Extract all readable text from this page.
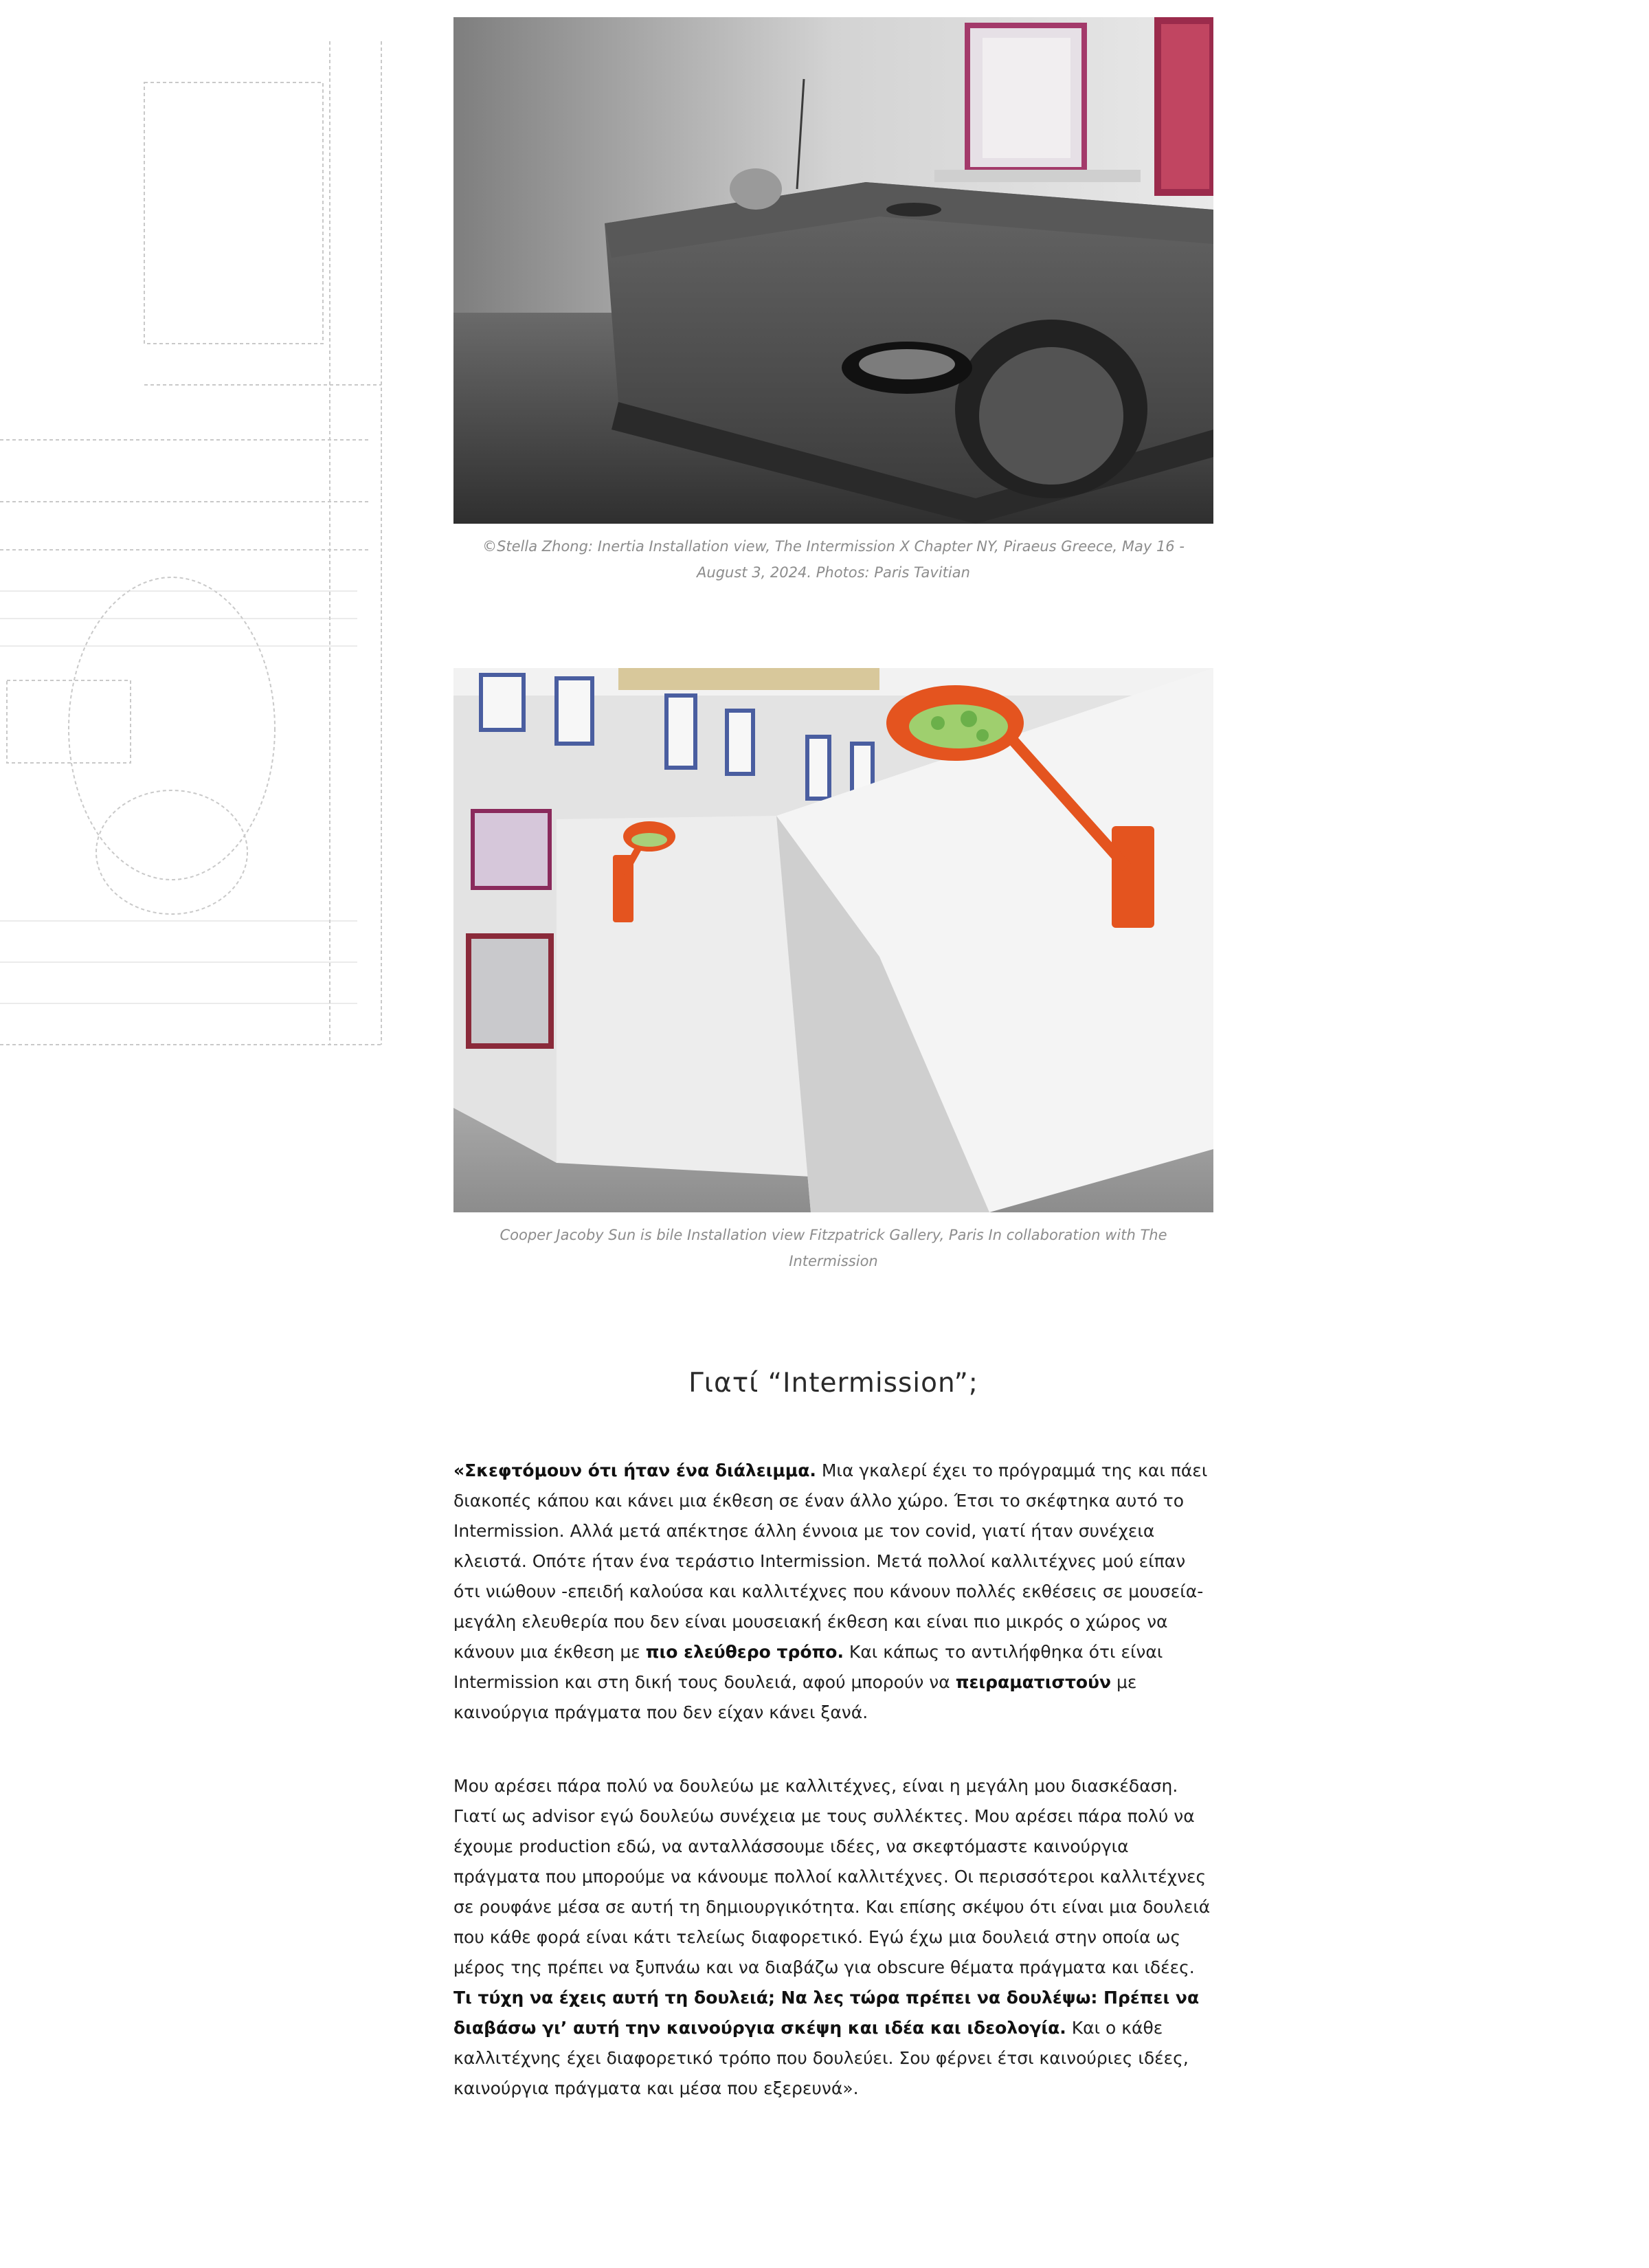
©Stella Zhong: Inertia Installation view, The Intermission X Chapter NY, Piraeus Greece, May 16 - August 3, 2024. Photos: Paris Tavitian

Cooper Jacoby Sun is bile Installation view Fitzpatrick Gallery, Paris In collaboration with The Intermission

Γιατί “Intermission”;

«Σκεφτόμουν ότι ήταν ένα διάλειμμα. Μια γκαλερί έχει το πρόγραμμά της και πάει διακοπές κάπου και κάνει μια έκθεση σε έναν άλλο χώρο. Έτσι το σκέφτηκα αυτό το Intermission. Αλλά μετά απέκτησε άλλη έννοια με τον covid, γιατί ήταν συνέχεια κλειστά. Οπότε ήταν ένα τεράστιο Intermission. Μετά πολλοί καλλιτέχνες μού είπαν ότι νιώθουν -επειδή καλούσα και καλλιτέχνες που κάνουν πολλές εκθέσεις σε μουσεία- μεγάλη ελευθερία που δεν είναι μουσειακή έκθεση και είναι πιο μικρός ο χώρος να κάνουν μια έκθεση με πιο ελεύθερο τρόπο. Και κάπως το αντιλήφθηκα ότι είναι Intermission και στη δική τους δουλειά, αφού μπορούν να πειραματιστούν με καινούργια πράγματα που δεν είχαν κάνει ξανά.

Μου αρέσει πάρα πολύ να δουλεύω με καλλιτέχνες, είναι η μεγάλη μου διασκέδαση. Γιατί ως advisor εγώ δουλεύω συνέχεια με τους συλλέκτες. Μου αρέσει πάρα πολύ να έχουμε production εδώ, να ανταλλάσσουμε ιδέες, να σκεφτόμαστε καινούργια πράγματα που μπορούμε να κάνουμε πολλοί καλλιτέχνες. Οι περισσότεροι καλλιτέχνες σε ρουφάνε μέσα σε αυτή τη δημιουργικότητα. Και επίσης σκέψου ότι είναι μια δουλειά που κάθε φορά είναι κάτι τελείως διαφορετικό. Εγώ έχω μια δουλειά στην οποία ως μέρος της πρέπει να ξυπνάω και να διαβάζω για obscure θέματα πράγματα και ιδέες. Τι τύχη να έχεις αυτή τη δουλειά; Να λες τώρα πρέπει να δουλέψω: Πρέπει να διαβάσω γι’ αυτή την καινούργια σκέψη και ιδέα και ιδεολογία. Και ο κάθε καλλιτέχνης έχει διαφορετικό τρόπο που δουλεύει. Σου φέρνει έτσι καινούριες ιδέες, καινούργια πράγματα και μέσα που εξερευνά».
